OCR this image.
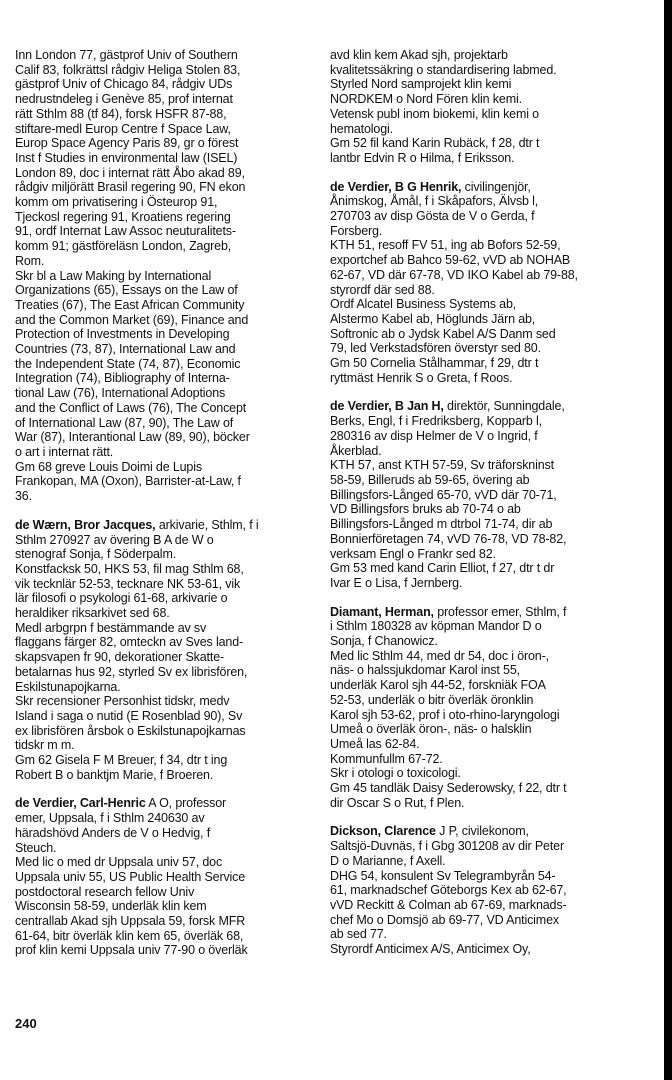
Inn London 77, gästprof Univ of Southern
Calif 83, folkrättsl rådgiv Heliga Stolen 83,
gästprof Univ of Chicago 84, rådgiv UDs
nedrustndeleg i Genève 85, prof internat
rätt Sthlm 88 (tf 84), forsk HSFR 87-88,
stiftare-medl Europ Centre f Space Law,
Europ Space Agency Paris 89, gr o förest
Inst f Studies in environmental law (ISEL)
London 89, doc i internat rätt Åbo akad 89,
rådgiv miljörätt Brasil regering 90, FN ekon
komm om privatisering i Östeurop 91,
Tjeckosl regering 91, Kroatiens regering
91, ordf Internat Law Assoc neuturalitets-
komm 91; gästföreläsn London, Zagreb,
Rom.

Skr bl a Law Making by International
Organizations (65), Essays on the Law of
Treaties (67), The East African Community
and the Common Market (69), Finance and
Protection of Investments in Developing
Countries (73, 87), International Law and
the Independent State (74, 87), Economic
Integration (74), Bibliography of Interna-
tional Law (76), International Adoptions
and the Conflict of Laws (76), The Concept
of International Law (87, 90), The Law of
War (87), Interantional Law (89, 90), böcker
o art i internat rätt.

Gm 68 greve Louis Doimi de Lupis
Frankopan, MA (Oxon), Barrister-at-Law, f
36.

de Wærn, Bror Jacques, arkivarie, Sthlm, f i
Sthlm 270927 av övering B A de W o
stenograf Sonja, f Söderpalm.

Konstfacksk 50, HKS 53, fil mag Sthlm 68,
vik tecknlär 52-53, tecknare NK 53-61, vik
lär filosofi o psykologi 61-68, arkivarie o
heraldiker riksarkivet sed 68.

Medl arbgrpn f bestämmande av sv
flaggans färger 82, omteckn av Sves land-
skapsvapen fr 90, dekorationer Skatte-
betalarnas hus 92, styrled Sv ex librisfören,
Eskilstunapojkarna.

Skr recensioner Personhist tidskr, medv
Island i saga o nutid (E Rosenblad 90), Sv
ex librisfören årsbok o Eskilstunapojkarnas
tidskr m m.

Gm 62 Gisela F M Breuer, f 34, dtr t ing
Robert B o banktjm Marie, f Broeren.

de Verdier, Carl-Henric A O, professor
emer, Uppsala, f i Sthlm 240630 av
häradshövd Anders de V o Hedvig, f
Steuch.

Med lic o med dr Uppsala univ 57, doc
Uppsala univ 55, US Public Health Service
postdoctoral research fellow Univ
Wisconsin 58-59, underläk klin kem
centrallab Akad sjh Uppsala 59, forsk MFR
61-64, bitr överläk klin kem 65, överläk 68,
prof klin kemi Uppsala univ 77-90 o överläk

avd klin kem Akad sjh, projektarb
kvalitetssäkring o standardisering labmed.

Styrled Nord samprojekt klin kemi
NORDKEM o Nord Fören klin kemi.

Vetensk publ inom biokemi, klin kemi o
hematologi.

Gm 52 fil kand Karin Rubäck, f 28, dtr t
lantbr Edvin R o Hilma, f Eriksson.

de Verdier, B G Henrik, civilingenjör,
Ånimskog, Åmål, f i Skåpafors, Älvsb l,
270703 av disp Gösta de V o Gerda, f
Forsberg.

KTH 51, resoff FV 51, ing ab Bofors 52-59,
exportchef ab Bahco 59-62, vVD ab NOHAB
62-67, VD där 67-78, VD IKO Kabel ab 79-88,
styrordf där sed 88.

Ordf Alcatel Business Systems ab,
Alstermo Kabel ab, Höglunds Järn ab,
Softronic ab o Jydsk Kabel A/S Danm sed
79, led Verkstadsfören överstyr sed 80.

Gm 50 Cornelia Stålhammar, f 29, dtr t
ryttmäst Henrik S o Greta, f Roos.

de Verdier, B Jan H, direktör, Sunningdale,
Berks, Engl, f i Fredriksberg, Kopparb l,
280316 av disp Helmer de V o Ingrid, f
Åkerblad.

KTH 57, anst KTH 57-59, Sv träforskninst
58-59, Billeruds ab 59-65, övering ab
Billingsfors-Långed 65-70, vVD där 70-71,
VD Billingsfors bruks ab 70-74 o ab
Billingsfors-Långed m dtrbol 71-74, dir ab
Bonnierföretagen 74, vVD 76-78, VD 78-82,
verksam Engl o Frankr sed 82.

Gm 53 med kand Carin Elliot, f 27, dtr t dr
Ivar E o Lisa, f Jernberg.

Diamant, Herman, professor emer, Sthlm, f
i Sthlm 180328 av köpman Mandor D o
Sonja, f Chanowicz.

Med lic Sthlm 44, med dr 54, doc i öron-,
näs- o halssjukdomar Karol inst 55,
underläk Karol sjh 44-52, forskniäk FOA
52-53, underläk o bitr överläk öronklin
Karol sjh 53-62, prof i oto-rhino-laryngologi
Umeå o överläk öron-, näs- o halsklin
Umeå las 62-84.

Kommunfullm 67-72.

Skr i otologi o toxicologi.

Gm 45 tandläk Daisy Sederowsky, f 22, dtr t
dir Oscar S o Rut, f Plen.

Dickson, Clarence J P, civilekonom,
Saltsjö-Duvnäs, f i Gbg 301208 av dir Peter
D o Marianne, f Axell.

DHG 54, konsulent Sv Telegrambyrån 54-
61, marknadschef Göteborgs Kex ab 62-67,
vVD Reckitt & Colman ab 67-69, marknads-
chef Mo o Domsjö ab 69-77, VD Anticimex
ab sed 77.

Styrordf Anticimex A/S, Anticimex Oy,

240
